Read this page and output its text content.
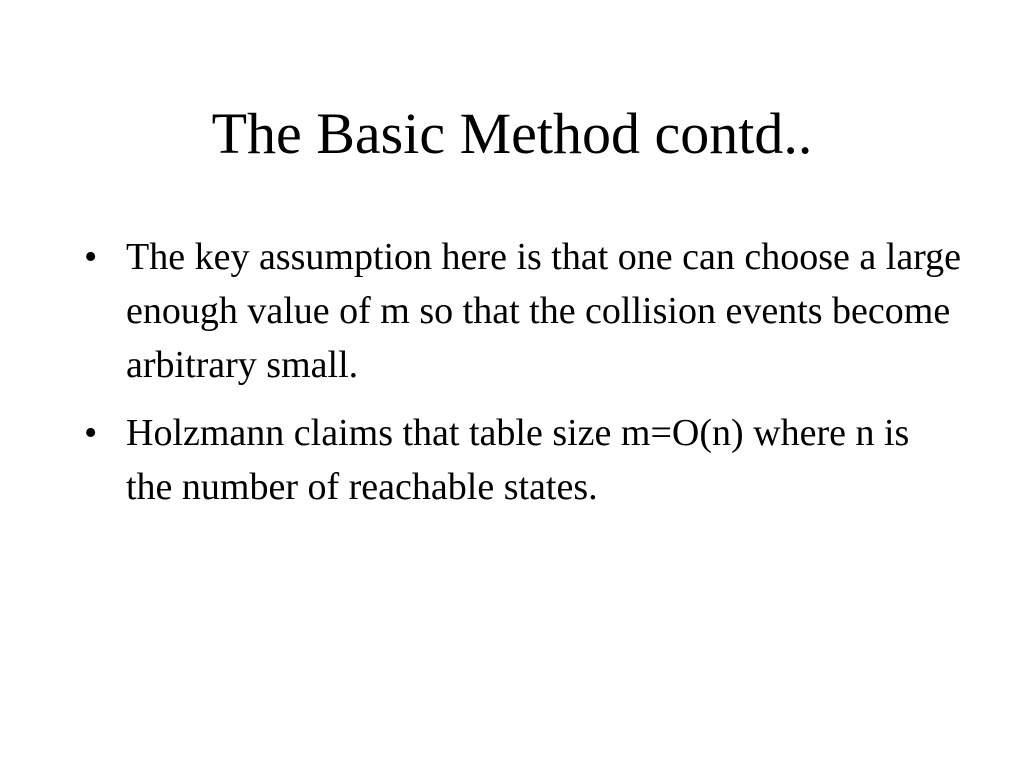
The Basic Method contd..
• The key assumption here is that one can choose a large enough value of m so that the collision events become arbitrary small.
• Holzmann claims that table size m=O(n) where n is the number of reachable states.
